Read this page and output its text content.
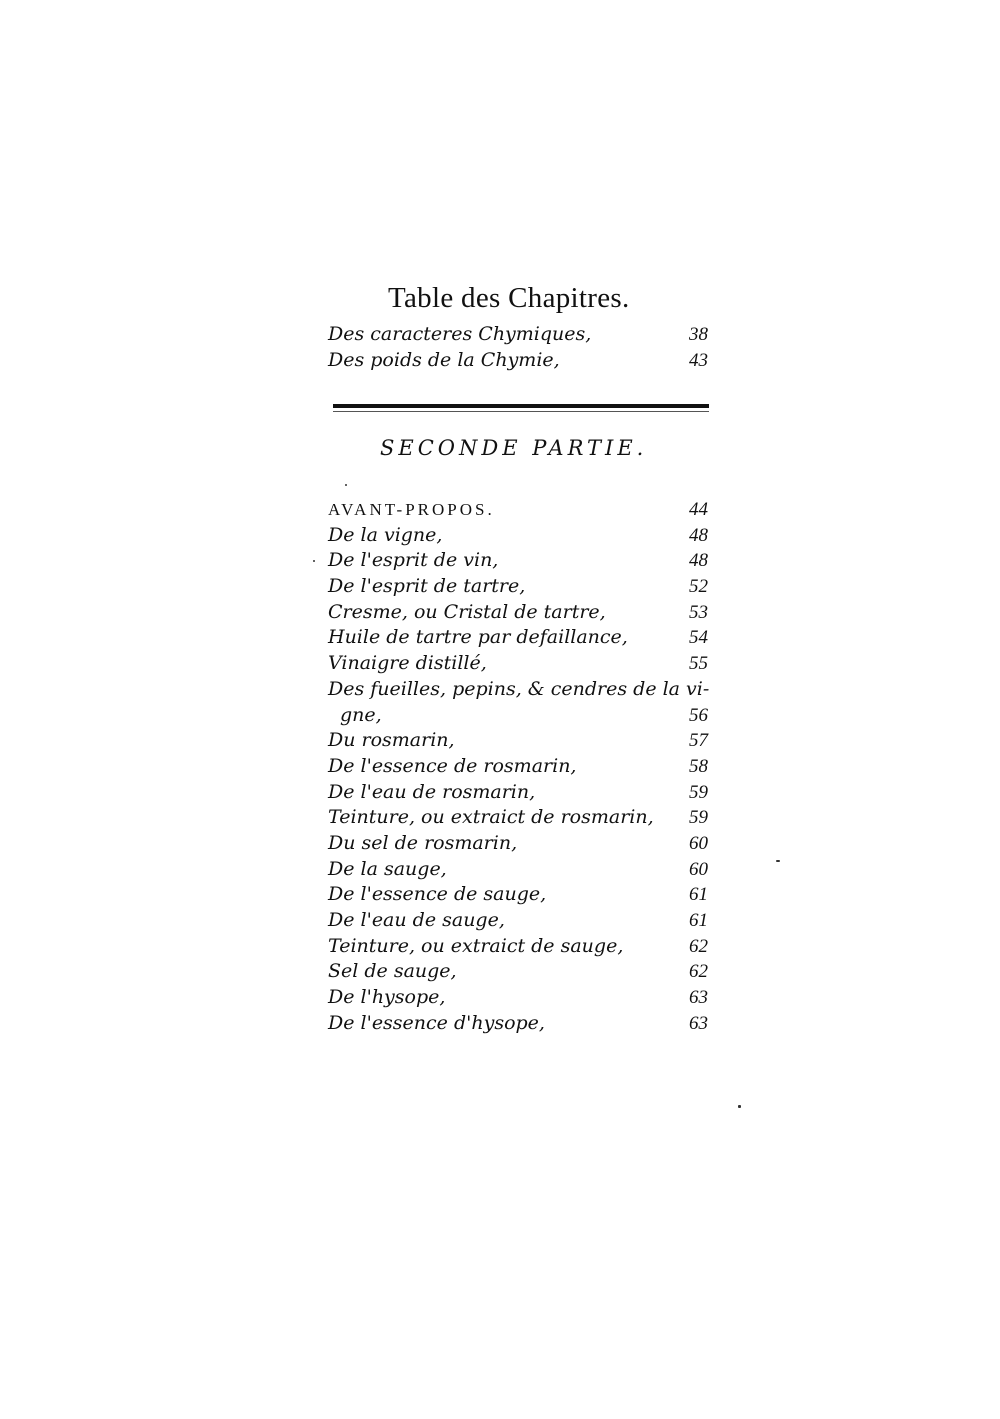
Table des Chapitres.
Des caracteres Chymiques,	38
Des poids de la Chymie,	43
SECONDE PARTIE.
AVANT-PROPOS.	44
De la vigne,	48
De l'esprit de vin,	48
De l'esprit de tartre,	52
Cresme, ou Cristal de tartre,	53
Huile de tartre par defaillance,	54
Vinaigre distillé,	55
Des fueilles, pepins, & cendres de la vi-
gne,	56
Du rosmarin,	57
De l'essence de rosmarin,	58
De l'eau de rosmarin,	59
Teinture, ou extraict de rosmarin, 59
Du sel de rosmarin,	60
De la sauge,	60
De l'essence de sauge,	61
De l'eau de sauge,	61
Teinture, ou extraict de sauge,	62
Sel de sauge,	62
De l'hysope,	63
De l'essence d'hysope,	63
